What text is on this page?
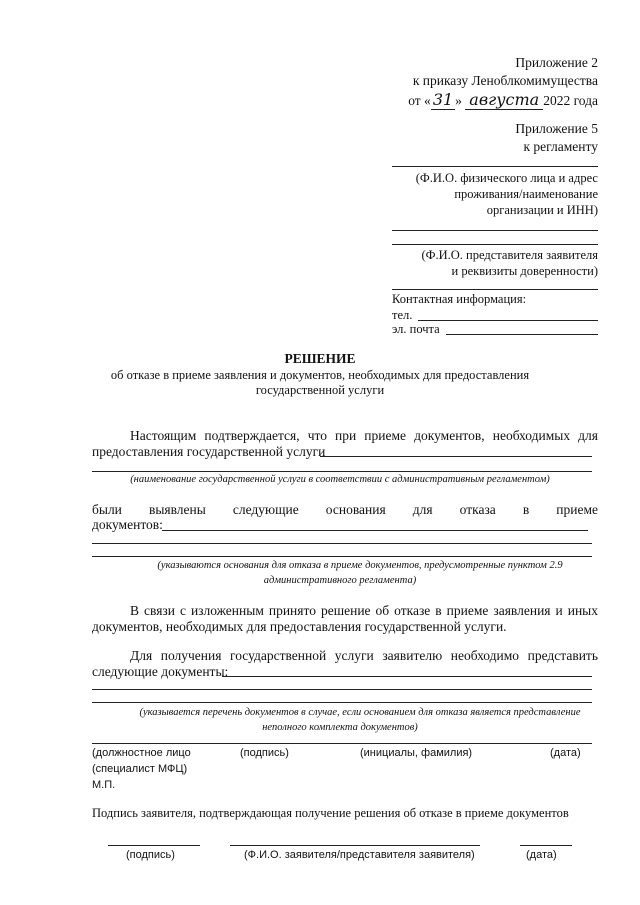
Приложение 2
к приказу Леноблкомимущества
от « 31 » августа 2022 года
Приложение 5
к регламенту
(Ф.И.О. физического лица и адрес
проживания/наименование
организации и ИНН)
(Ф.И.О. представителя заявителя
и реквизиты доверенности)
Контактная информация:
тел.
эл. почта
РЕШЕНИЕ
об отказе в приеме заявления и документов, необходимых для предоставления
государственной услуги
Настоящим подтверждается, что при приеме документов, необходимых для
предоставления государственной услуги
(наименование государственной услуги в соответствии с административным регламентом)
были выявлены следующие основания для отказа в приеме
документов:
(указываются основания для отказа в приеме документов, предусмотренные пунктом 2.9
административного регламента)
В связи с изложенным принято решение об отказе в приеме заявления и иных
документов, необходимых для предоставления государственной услуги.
Для получения государственной услуги заявителю необходимо представить
следующие документы:
(указывается перечень документов в случае, если основанием для отказа является представление
неполного комплекта документов)
(должностное лицо
(специалист МФЦ)
М.П.
(подпись)	(инициалы, фамилия)	(дата)
Подпись заявителя, подтверждающая получение решения об отказе в приеме документов
(подпись)	(Ф.И.О. заявителя/представителя заявителя)	(дата)
